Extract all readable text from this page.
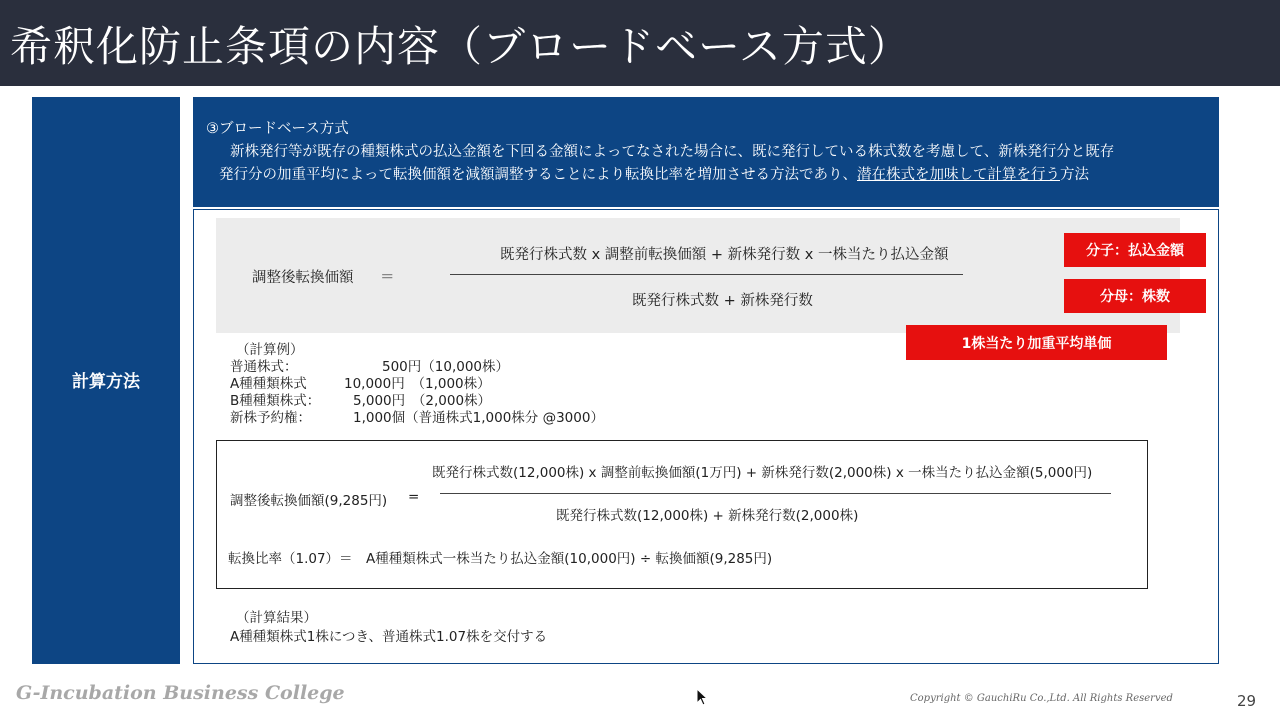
希釈化防止条項の内容（ブロードベース方式）
計算方法
③ブロードベース方式
新株発行等が既存の種類株式の払込金額を下回る金額によってなされた場合に、既に発行している株式数を考慮して、新株発行分と既存
発行分の加重平均によって転換価額を減額調整することにより転換比率を増加させる方法であり、潜在株式を加味して計算を行う方法
調整後転換価額 ＝
既発行株式数 x 調整前転換価額 + 新株発行数 x 一株当たり払込金額
既発行株式数 + 新株発行数
分子：払込金額
分母：株数
1株当たり加重平均単価
（計算例）
普通株式：	500円（10,000株）
A種種類株式	10,000円　（1,000株）
B種種類株式： 5,000円　（2,000株）
新株予約権：	1,000個（普通株式1,000株分 @3000）
調整後転換価額(9,285円) =
既発行株式数(12,000株) x 調整前転換価額(1万円) + 新株発行数(2,000株) x 一株当たり払込金額(5,000円)
既発行株式数(12,000株) + 新株発行数(2,000株)
転換比率（1.07）＝　A種種類株式一株当たり払込金額(10,000円) ÷ 転換価額(9,285円)
（計算結果）
A種種類株式1株につき、普通株式1.07株を交付する
G-Incubation Business College	Copyright © GauchiRu Co.,Ltd. All Rights Reserved	29
